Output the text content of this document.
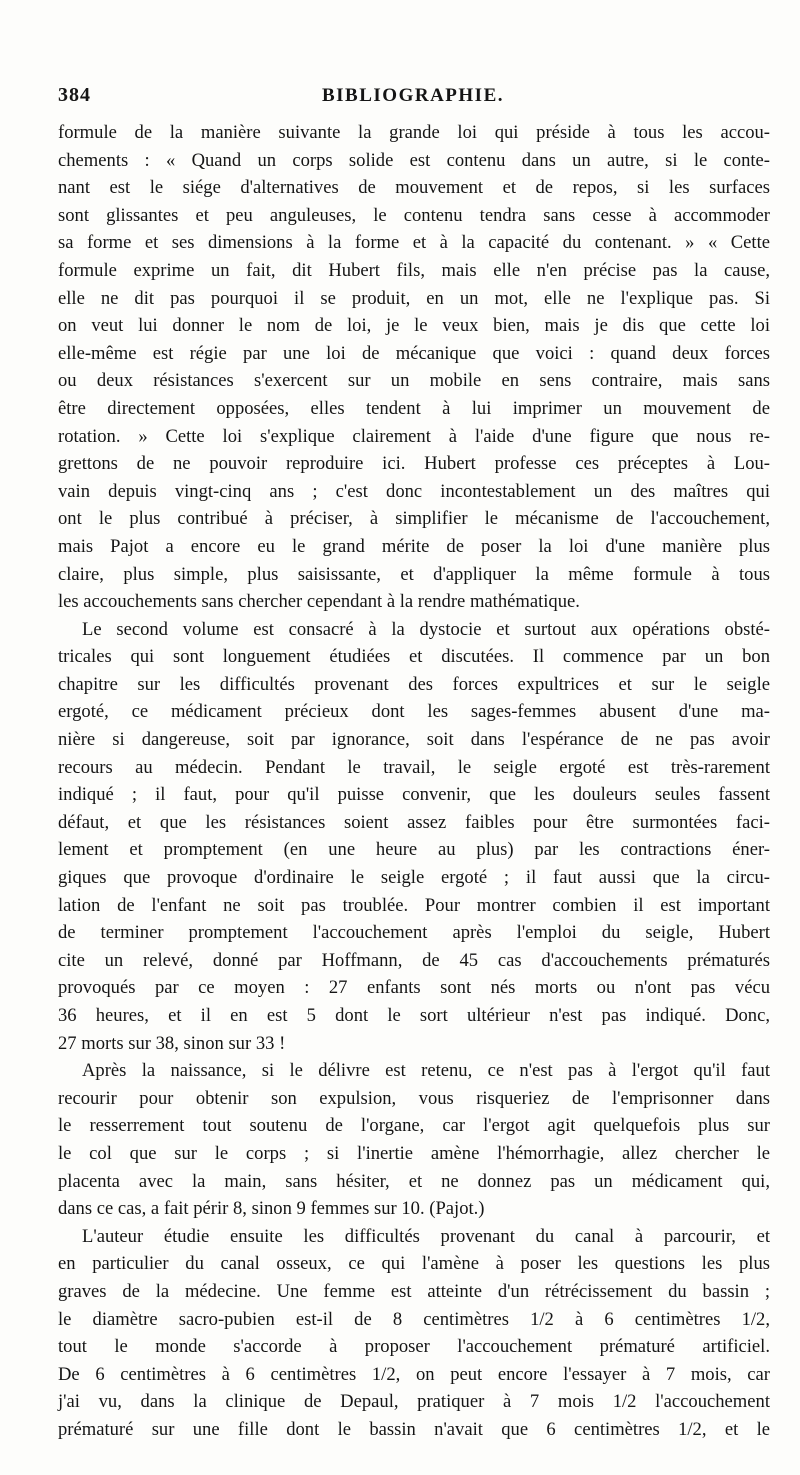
384	BIBLIOGRAPHIE.
formule de la manière suivante la grande loi qui préside à tous les accou-
chements : « Quand un corps solide est contenu dans un autre, si le conte-
nant est le siége d'alternatives de mouvement et de repos, si les surfaces
sont glissantes et peu anguleuses, le contenu tendra sans cesse à accommoder
sa forme et ses dimensions à la forme et à la capacité du contenant. » « Cette
formule exprime un fait, dit Hubert fils, mais elle n'en précise pas la cause,
elle ne dit pas pourquoi il se produit, en un mot, elle ne l'explique pas. Si
on veut lui donner le nom de loi, je le veux bien, mais je dis que cette loi
elle-même est régie par une loi de mécanique que voici : quand deux forces
ou deux résistances s'exercent sur un mobile en sens contraire, mais sans
être directement opposées, elles tendent à lui imprimer un mouvement de
rotation. » Cette loi s'explique clairement à l'aide d'une figure que nous re-
grettons de ne pouvoir reproduire ici. Hubert professe ces préceptes à Lou-
vain depuis vingt-cinq ans ; c'est donc incontestablement un des maîtres qui
ont le plus contribué à préciser, à simplifier le mécanisme de l'accouchement,
mais Pajot a encore eu le grand mérite de poser la loi d'une manière plus
claire, plus simple, plus saisissante, et d'appliquer la même formule à tous
les accouchements sans chercher cependant à la rendre mathématique.
Le second volume est consacré à la dystocie et surtout aux opérations obsté-
tricales qui sont longuement étudiées et discutées. Il commence par un bon
chapitre sur les difficultés provenant des forces expultrices et sur le seigle
ergoté, ce médicament précieux dont les sages-femmes abusent d'une ma-
nière si dangereuse, soit par ignorance, soit dans l'espérance de ne pas avoir
recours au médecin. Pendant le travail, le seigle ergoté est très-rarement
indiqué ; il faut, pour qu'il puisse convenir, que les douleurs seules fassent
défaut, et que les résistances soient assez faibles pour être surmontées faci-
lement et promptement (en une heure au plus) par les contractions éner-
giques que provoque d'ordinaire le seigle ergoté ; il faut aussi que la circu-
lation de l'enfant ne soit pas troublée. Pour montrer combien il est important
de terminer promptement l'accouchement après l'emploi du seigle, Hubert
cite un relevé, donné par Hoffmann, de 45 cas d'accouchements prématurés
provoqués par ce moyen : 27 enfants sont nés morts ou n'ont pas vécu
36 heures, et il en est 5 dont le sort ultérieur n'est pas indiqué. Donc,
27 morts sur 38, sinon sur 33 !
Après la naissance, si le délivre est retenu, ce n'est pas à l'ergot qu'il faut
recourir pour obtenir son expulsion, vous risqueriez de l'emprisonner dans
le resserrement tout soutenu de l'organe, car l'ergot agit quelquefois plus sur
le col que sur le corps ; si l'inertie amène l'hémorrhagie, allez chercher le
placenta avec la main, sans hésiter, et ne donnez pas un médicament qui,
dans ce cas, a fait périr 8, sinon 9 femmes sur 10. (Pajot.)
L'auteur étudie ensuite les difficultés provenant du canal à parcourir, et
en particulier du canal osseux, ce qui l'amène à poser les questions les plus
graves de la médecine. Une femme est atteinte d'un rétrécissement du bassin ;
le diamètre sacro-pubien est-il de 8 centimètres 1/2 à 6 centimètres 1/2,
tout le monde s'accorde à proposer l'accouchement prématuré artificiel.
De 6 centimètres à 6 centimètres 1/2, on peut encore l'essayer à 7 mois, car
j'ai vu, dans la clinique de Depaul, pratiquer à 7 mois 1/2 l'accouchement
prématuré sur une fille dont le bassin n'avait que 6 centimètres 1/2, et le
